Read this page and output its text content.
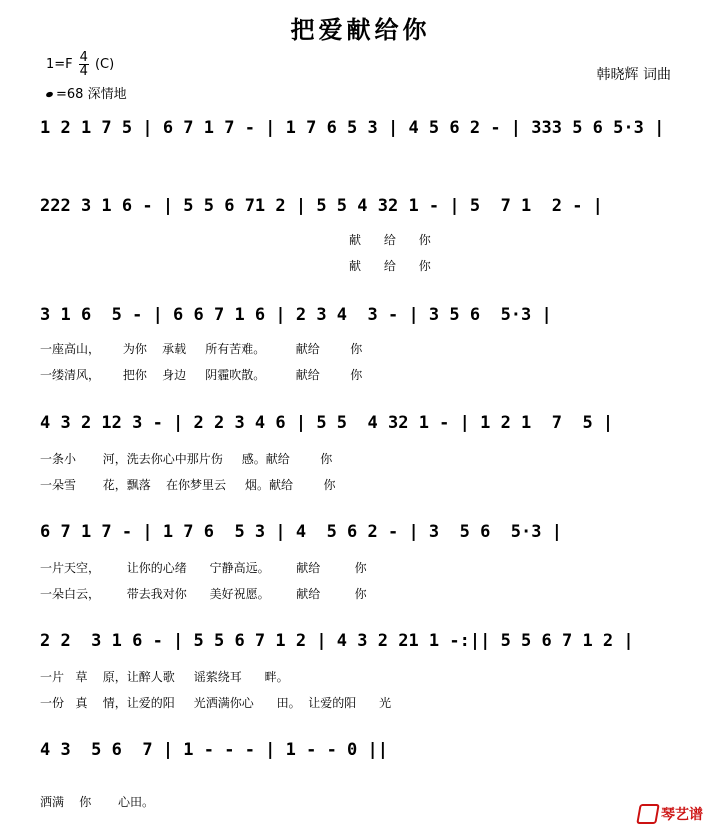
把爱献给你
1=F 4
4 (C)
=68 深情地
韩晓辉 词曲
1 2 1 7 5 | 6 7 1 7 - | 1 7 6 5 3 | 4 5 6 2 - | 333 5 6 5·3 |
222 3 1 6 - | 5 5 6 71 2 | 5 5 4 32 1 - | 5  7 1  2 - |
献      给      你
献      给      你
3 1 6  5 - | 6 6 7 1 6 | 2 3 4  3 - | 3 5 6  5·3 |
一座高山，      为你    承载     所有苦难。        献给        你
一缕清风，      把你    身边     阴霾吹散。        献给        你
4 3 2 12 3 - | 2 2 3 4 6 | 5 5  4 32 1 - | 1 2 1  7  5 |
一条小       河，洗去你心中那片伤     感。献给        你
一朵雪       花，飘落    在你梦里云     烟。献给        你
6 7 1 7 - | 1 7 6  5 3 | 4  5 6 2 - | 3  5 6  5·3 |
一片天空，       让你的心绪      宁静高远。       献给         你
一朵白云，       带去我对你      美好祝愿。       献给         你
2 2  3 1 6 - | 5 5 6 7 1 2 | 4 3 2 21 1 -:|| 5 5 6 7 1 2 |
一片   草    原，让醉人歌     谣萦绕耳      畔。
一份   真    情，让爱的阳     光洒满你心      田。  让爱的阳      光
4 3  5 6  7 | 1 - - - | 1 - - 0 ||
洒满    你       心田。
琴艺谱
